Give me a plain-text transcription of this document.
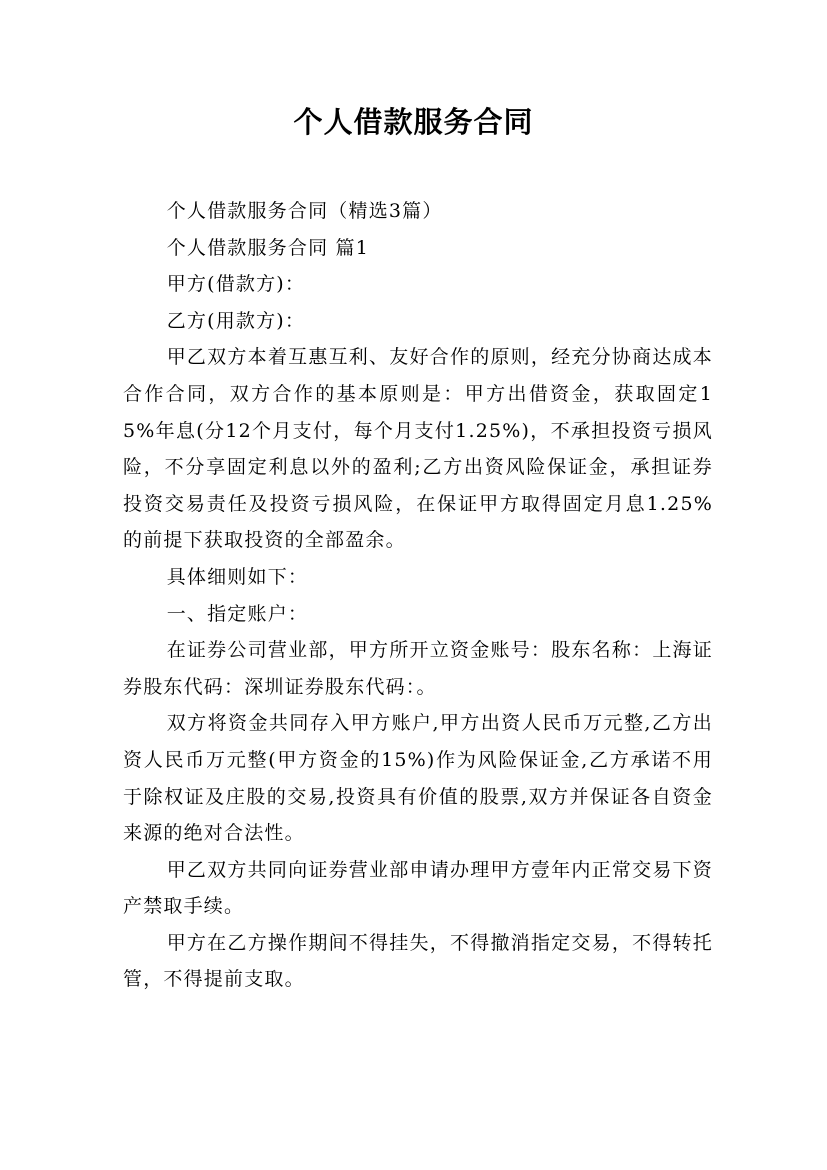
个人借款服务合同

个人借款服务合同（精选3篇）

个人借款服务合同 篇1

甲方(借款方)：

乙方(用款方)：

甲乙双方本着互惠互利、友好合作的原则，经充分协商达成本合作合同，双方合作的基本原则是：甲方出借资金，获取固定15%年息(分12个月支付，每个月支付1.25%)，不承担投资亏损风险，不分享固定利息以外的盈利;乙方出资风险保证金，承担证券投资交易责任及投资亏损风险，在保证甲方取得固定月息1.25%的前提下获取投资的全部盈余。

具体细则如下：

一、指定账户：

在证券公司营业部，甲方所开立资金账号：股东名称：上海证券股东代码：深圳证券股东代码：。

双方将资金共同存入甲方账户,甲方出资人民币万元整,乙方出资人民币万元整(甲方资金的15%)作为风险保证金,乙方承诺不用于除权证及庄股的交易,投资具有价值的股票,双方并保证各自资金来源的绝对合法性。

甲乙双方共同向证券营业部申请办理甲方壹年内正常交易下资产禁取手续。

甲方在乙方操作期间不得挂失，不得撤消指定交易，不得转托管，不得提前支取。
